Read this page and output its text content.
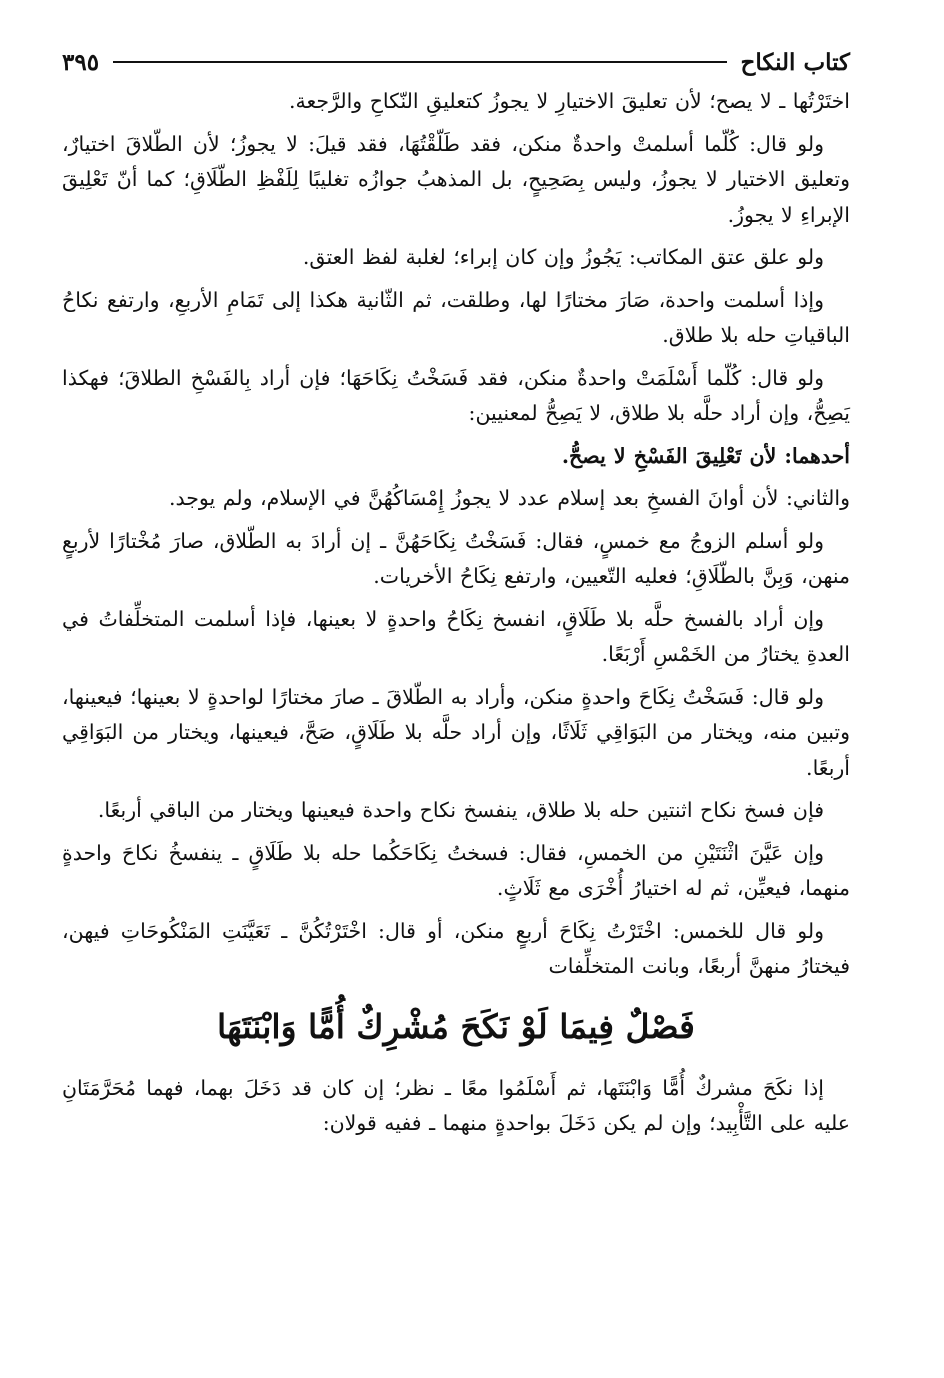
كتاب النكاح
٣٩٥

اختَرْتُها ـ لا يصح؛ لأن تعليقَ الاختيارِ لا يجوزُ كتعليقِ النّكاحِ والرَّجعة.

ولو قال: كُلّما أسلمتْ واحدةٌ منكن، فقد طَلّقْتُهَا، فقد قيلَ: لا يجوزُ؛ لأن الطّلاقَ اختيارٌ، وتعليق الاختيار لا يجوزُ، وليس بِصَحِيحٍ، بل المذهبُ جوازُه تغليبًا لِلَفْظِ الطّلَاقِ؛ كما أنّ تَعْلِيقَ الإبراءِ لا يجوزُ.

ولو علق عتق المكاتب: يَجُوزُ وإن كان إبراء؛ لغلبة لفظ العتق.

وإذا أسلمت واحدة، صَارَ مختارًا لها، وطلقت، ثم الثّانية هكذا إلى تَمَامِ الأربعِ، وارتفع نكاحُ الباقياتِ حله بلا طلاق.

ولو قال: كُلّما أَسْلَمَتْ واحدةٌ منكن، فقد فَسَخْتُ نِكَاحَهَا؛ فإن أراد بِالفَسْخِ الطلاقَ؛ فهكذا يَصِحُّ، وإن أراد حلَّه بلا طلاق، لا يَصِحُّ لمعنيين:

أحدهما: لأن تَعْلِيقَ الفَسْخِ لا يصحُّ.

والثاني: لأن أوانَ الفسخِ بعد إسلام عدد لا يجوزُ إِمْسَاكُهُنَّ في الإسلام، ولم يوجد.

ولو أسلم الزوجُ مع خمسٍ، فقال: فَسَخْتُ نِكَاحَهُنَّ ـ إن أرادَ به الطّلاق، صارَ مُخْتارًا لأربعٍ منهن، وَبِنَّ بالطّلَاقِ؛ فعليه التّعيين، وارتفع نِكَاحُ الأخريات.

وإن أراد بالفسخ حلَّه بلا طَلَاقٍ، انفسخ نِكَاحُ واحدةٍ لا بعينها، فإذا أسلمت المتخلِّفاتُ في العدةِ يختارُ من الخَمْسِ أَرْبَعًا.

ولو قال: فَسَخْتُ نِكَاحَ واحدةٍ منكن، وأراد به الطّلاقَ ـ صارَ مختارًا لواحدةٍ لا بعينها؛ فيعينها، وتبين منه، ويختار من البَوَاقِي ثَلَاثًا، وإن أراد حلَّه بلا طَلَاقٍ، صَحَّ، فيعينها، ويختار من البَوَاقِي أربعًا.

فإن فسخ نكاح اثنتين حله بلا طلاق، ينفسخ نكاح واحدة فيعينها ويختار من الباقي أربعًا.

وإن عَيَّنَ اثْنَتَيْنِ من الخمسِ، فقال: فسختُ نِكَاحَكُما حله بلا طَلَاقٍ ـ ينفسخُ نكاحَ واحدةٍ منهما، فيعيِّن، ثم له اختيارُ أُخْرَى مع ثَلَاثٍ.

ولو قال للخمس: اخْتَرْتُ نِكَاحَ أربعٍ منكن، أو قال: اخْتَرْتُكُنَّ ـ تَعَيَّنَتِ المَنْكُوحَاتِ فيهن، فيختارُ منهنَّ أربعًا، وبانت المتخلِّفات

فَصْلٌ فِيمَا لَوْ نَكَحَ مُشْرِكٌ أُمًّا وَابْنَتَهَا

إذا نكَحَ مشركٌ أُمًّا وَابْنَتَها، ثم أَسْلَمُوا معًا ـ نظر؛ إن كان قد دَخَلَ بهما، فهما مُحَرَّمَتَانِ عليه على التَّأْبِيد؛ وإن لم يكن دَخَلَ بواحدةٍ منهما ـ ففيه قولان:
